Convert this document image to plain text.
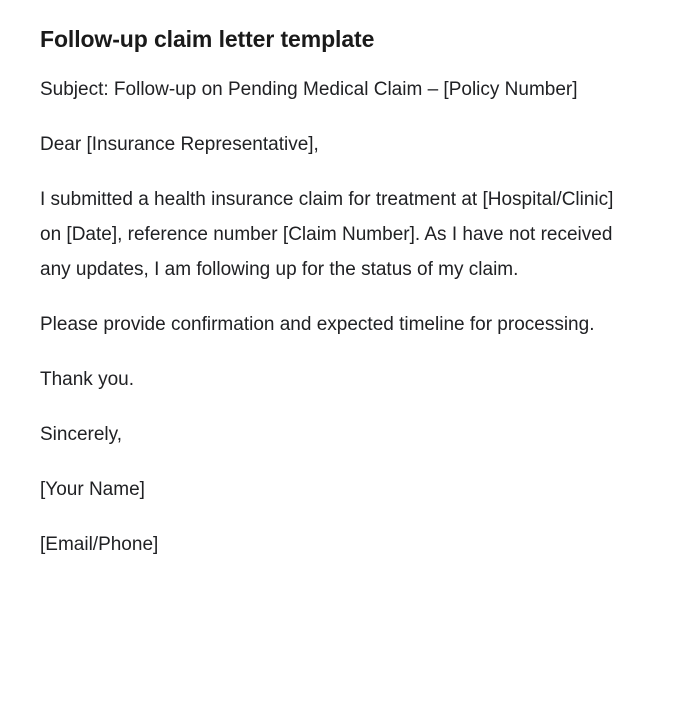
Follow-up claim letter template

Subject: Follow-up on Pending Medical Claim – [Policy Number]

Dear [Insurance Representative],

I submitted a health insurance claim for treatment at [Hospital/Clinic] on [Date], reference number [Claim Number]. As I have not received any updates, I am following up for the status of my claim.

Please provide confirmation and expected timeline for processing.

Thank you.

Sincerely,

[Your Name]

[Email/Phone]
